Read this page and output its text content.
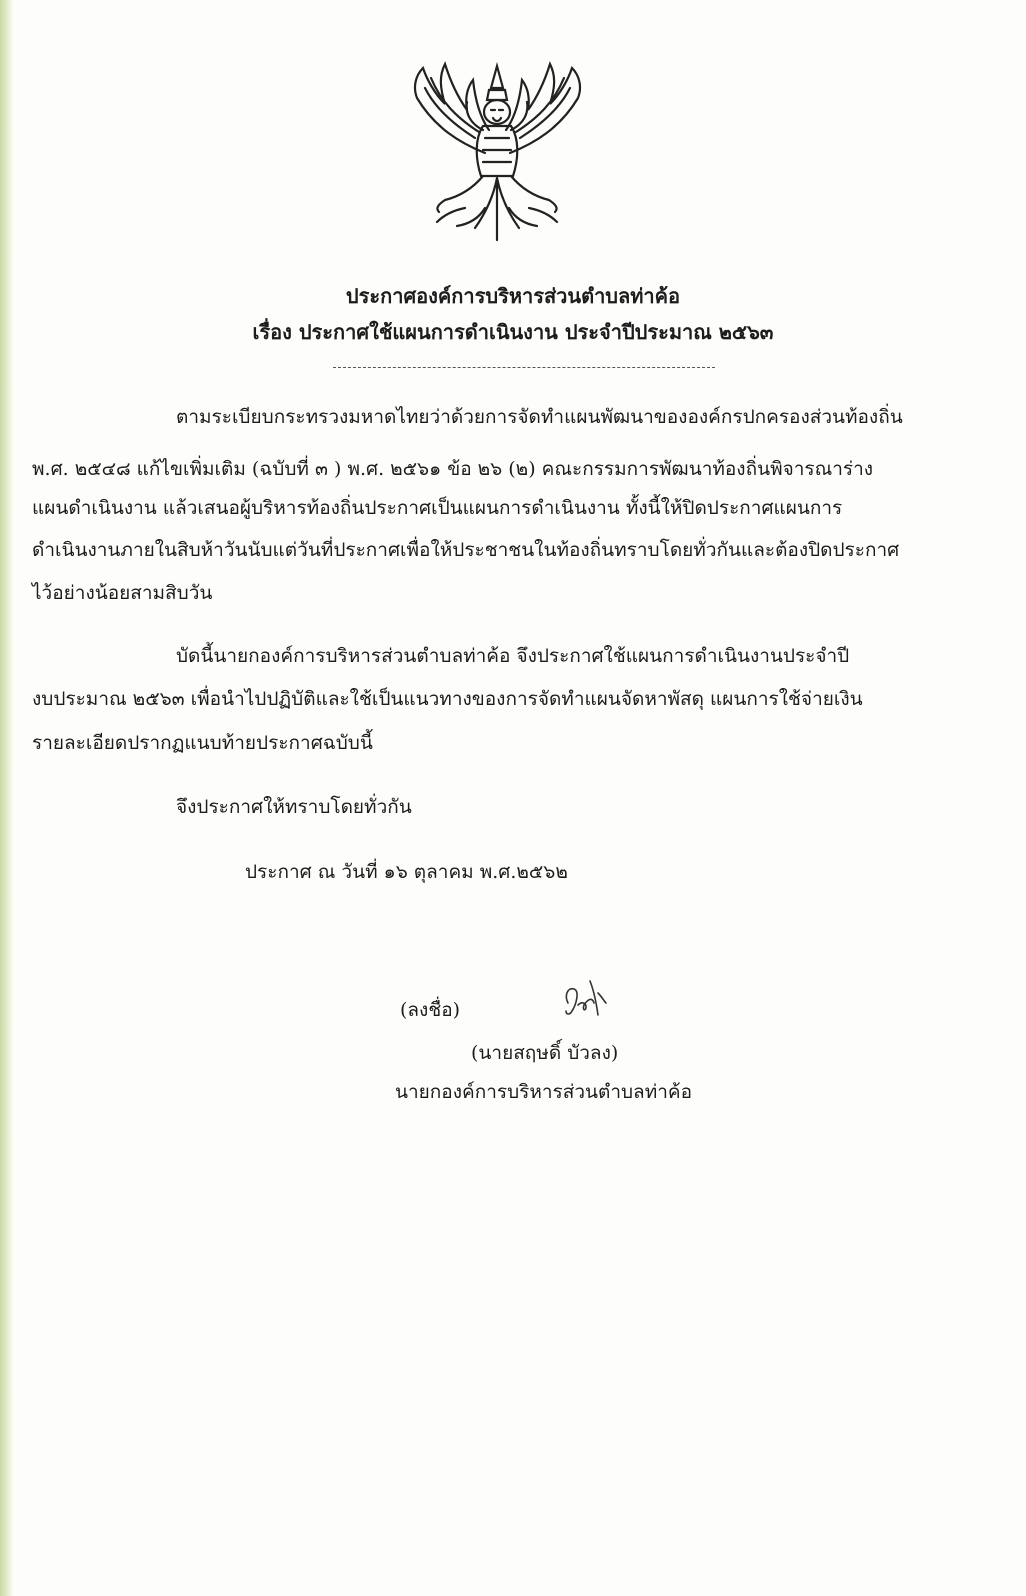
ประกาศองค์การบริหารส่วนตำบลท่าค้อ
เรื่อง ประกาศใช้แผนการดำเนินงาน ประจำปีประมาณ ๒๕๖๓
ตามระเบียบกระทรวงมหาดไทยว่าด้วยการจัดทำแผนพัฒนาขององค์กรปกครองส่วนท้องถิ่น
พ.ศ. ๒๕๔๘ แก้ไขเพิ่มเติม (ฉบับที่ ๓ ) พ.ศ. ๒๕๖๑ ข้อ ๒๖ (๒) คณะกรรมการพัฒนาท้องถิ่นพิจารณาร่าง
แผนดำเนินงาน แล้วเสนอผู้บริหารท้องถิ่นประกาศเป็นแผนการดำเนินงาน ทั้งนี้ให้ปิดประกาศแผนการ
ดำเนินงานภายในสิบห้าวันนับแต่วันที่ประกาศเพื่อให้ประชาชนในท้องถิ่นทราบโดยทั่วกันและต้องปิดประกาศ
ไว้อย่างน้อยสามสิบวัน
บัดนี้นายกองค์การบริหารส่วนตำบลท่าค้อ จึงประกาศใช้แผนการดำเนินงานประจำปี
งบประมาณ ๒๕๖๓ เพื่อนำไปปฏิบัติและใช้เป็นแนวทางของการจัดทำแผนจัดหาพัสดุ แผนการใช้จ่ายเงิน
รายละเอียดปรากฏแนบท้ายประกาศฉบับนี้
จึงประกาศให้ทราบโดยทั่วกัน
ประกาศ ณ วันที่ ๑๖ ตุลาคม พ.ศ.๒๕๖๒
(ลงชื่อ)
(นายสฤษดิ์ บัวลง)
นายกองค์การบริหารส่วนตำบลท่าค้อ
